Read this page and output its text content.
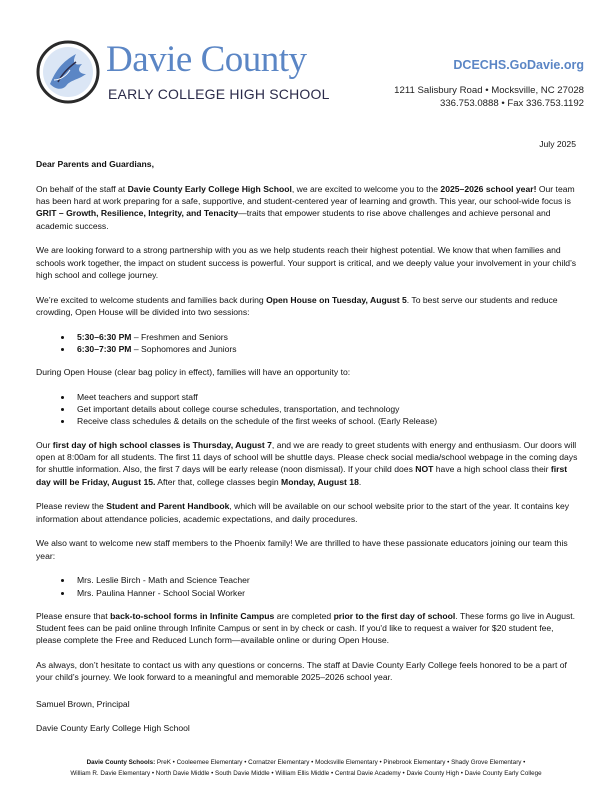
Davie County
EARLY COLLEGE HIGH SCHOOL
DCECHS.GoDavie.org
1211 Salisbury Road • Mocksville, NC 27028
336.753.0888 • Fax 336.753.1192
July 2025

Dear Parents and Guardians,

On behalf of the staff at Davie County Early College High School, we are excited to welcome you to the 2025–2026 school year! Our team has been hard at work preparing for a safe, supportive, and student-centered year of learning and growth. This year, our school-wide focus is GRIT – Growth, Resilience, Integrity, and Tenacity—traits that empower students to rise above challenges and achieve personal and academic success.

We are looking forward to a strong partnership with you as we help students reach their highest potential. We know that when families and schools work together, the impact on student success is powerful. Your support is critical, and we deeply value your involvement in your child’s high school and college journey.

We’re excited to welcome students and families back during Open House on Tuesday, August 5. To best serve our students and reduce crowding, Open House will be divided into two sessions:

• 5:30–6:30 PM – Freshmen and Seniors
• 6:30–7:30 PM – Sophomores and Juniors

During Open House (clear bag policy in effect), families will have an opportunity to:

• Meet teachers and support staff
• Get important details about college course schedules, transportation, and technology
• Receive class schedules & details on the schedule of the first weeks of school. (Early Release)

Our first day of high school classes is Thursday, August 7, and we are ready to greet students with energy and enthusiasm. Our doors will open at 8:00am for all students. The first 11 days of school will be shuttle days. Please check social media/school webpage in the coming days for shuttle information. Also, the first 7 days will be early release (noon dismissal). If your child does NOT have a high school class their first day will be Friday, August 15. After that, college classes begin Monday, August 18.

Please review the Student and Parent Handbook, which will be available on our school website prior to the start of the year. It contains key information about attendance policies, academic expectations, and daily procedures.

We also want to welcome new staff members to the Phoenix family! We are thrilled to have these passionate educators joining our team this year:

• Mrs. Leslie Birch - Math and Science Teacher
• Mrs. Paulina Hanner - School Social Worker

Please ensure that back-to-school forms in Infinite Campus are completed prior to the first day of school. These forms go live in August. Student fees can be paid online through Infinite Campus or sent in by check or cash. If you'd like to request a waiver for $20 student fee, please complete the Free and Reduced Lunch form—available online or during Open House.

As always, don’t hesitate to contact us with any questions or concerns. The staff at Davie County Early College feels honored to be a part of your child’s journey. We look forward to a meaningful and memorable 2025–2026 school year.

Samuel Brown, Principal

Davie County Early College High School

Davie County Schools: PreK • Cooleemee Elementary • Cornatzer Elementary • Mocksville Elementary • Pinebrook Elementary • Shady Grove Elementary •
William R. Davie Elementary • North Davie Middle • South Davie Middle • William Ellis Middle • Central Davie Academy • Davie County High • Davie County Early College
